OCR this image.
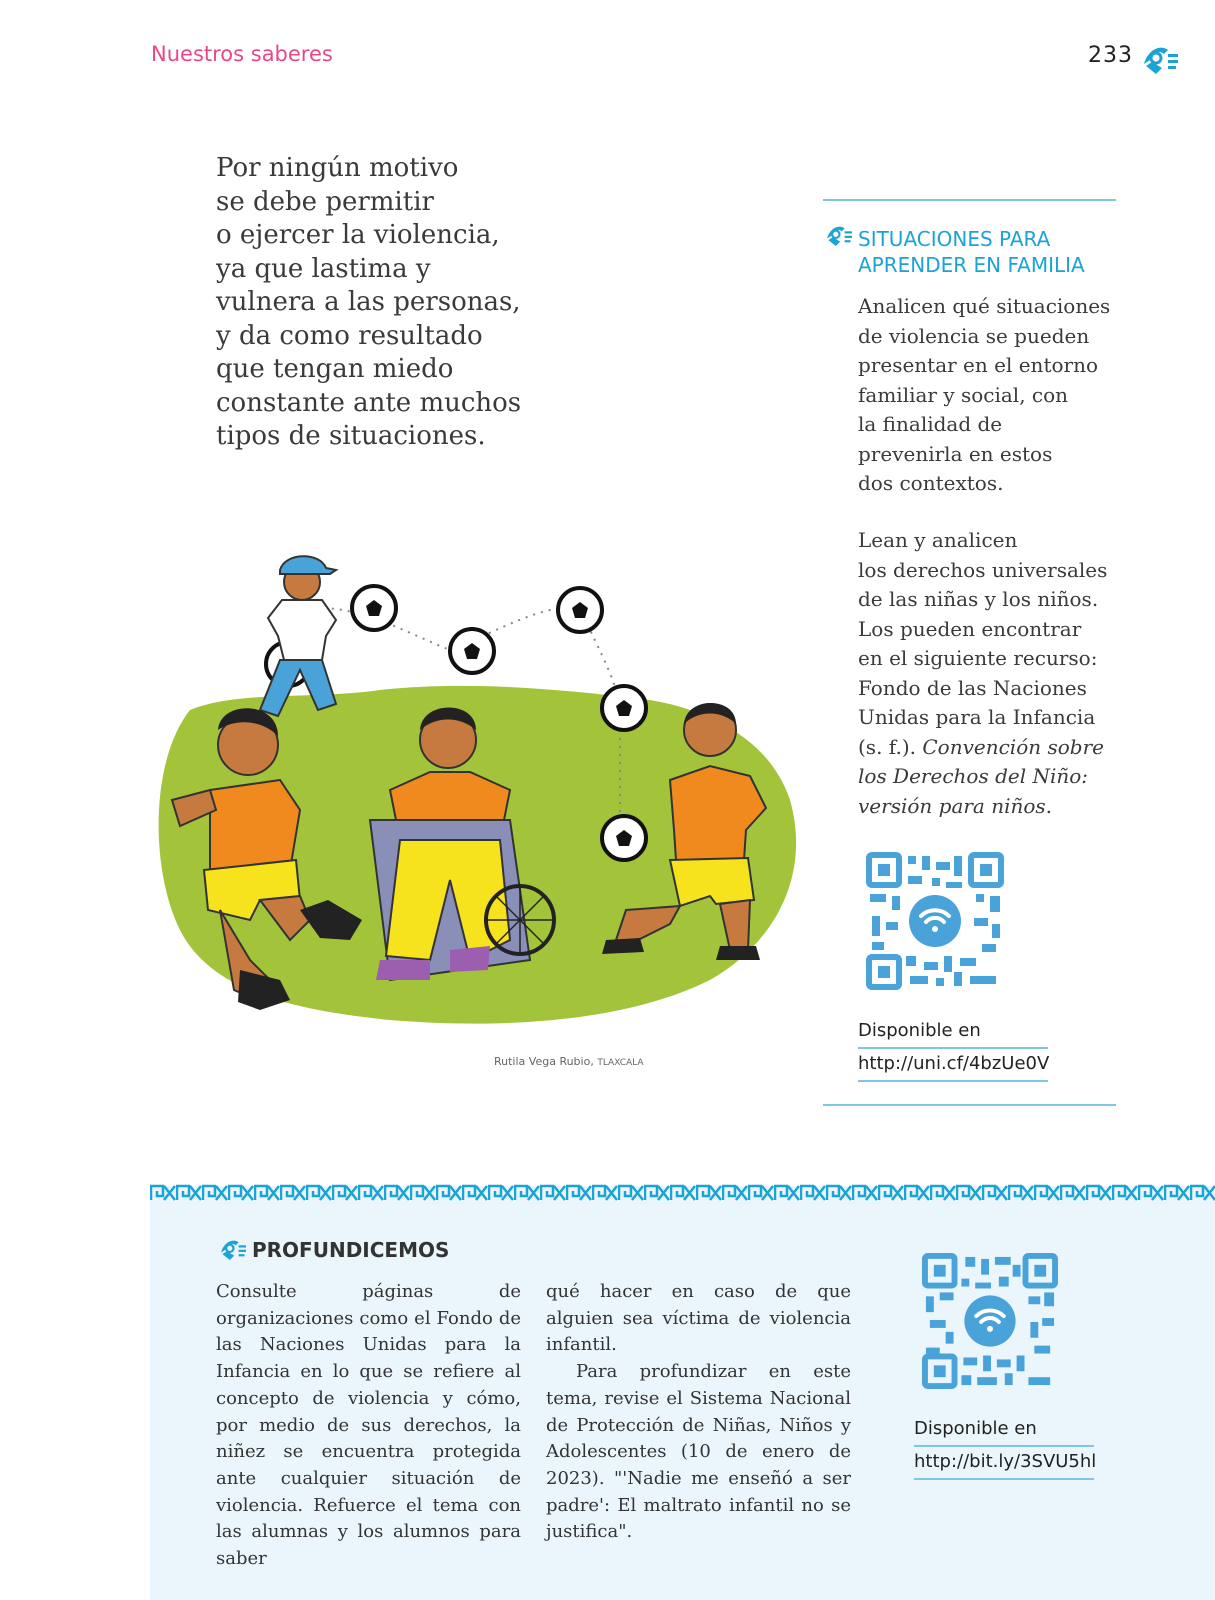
Nuestros saberes	233
Por ningún motivo
se debe permitir
o ejercer la violencia,
ya que lastima y
vulnera a las personas,
y da como resultado
que tengan miedo
constante ante muchos
tipos de situaciones.
Rutila Vega Rubio, TLAXCALA
SITUACIONES PARA
APRENDER EN FAMILIA
Analicen qué situaciones
de violencia se pueden
presentar en el entorno
familiar y social, con
la finalidad de
prevenirla en estos
dos contextos.
Lean y analicen
los derechos universales
de las niñas y los niños.
Los pueden encontrar
en el siguiente recurso:
Fondo de las Naciones
Unidas para la Infancia
(s. f.). Convención sobre
los Derechos del Niño:
versión para niños.
Disponible en
http://uni.cf/4bzUe0V
PROFUNDICEMOS

Consulte páginas de organizaciones como el Fondo de las Naciones Unidas para la Infancia en lo que se refiere al concepto de violencia y cómo, por medio de sus derechos, la niñez se encuentra protegida ante cualquier situación de violencia. Refuerce el tema con las alumnas y los alumnos para saber

qué hacer en caso de que alguien sea víctima de violencia infantil.

Para profundizar en este tema, revise el Sistema Nacional de Protección de Niñas, Niños y Adolescentes (10 de enero de 2023). "'Nadie me enseñó a ser padre': El maltrato infantil no se justifica".

Disponible en
http://bit.ly/3SVU5hl
